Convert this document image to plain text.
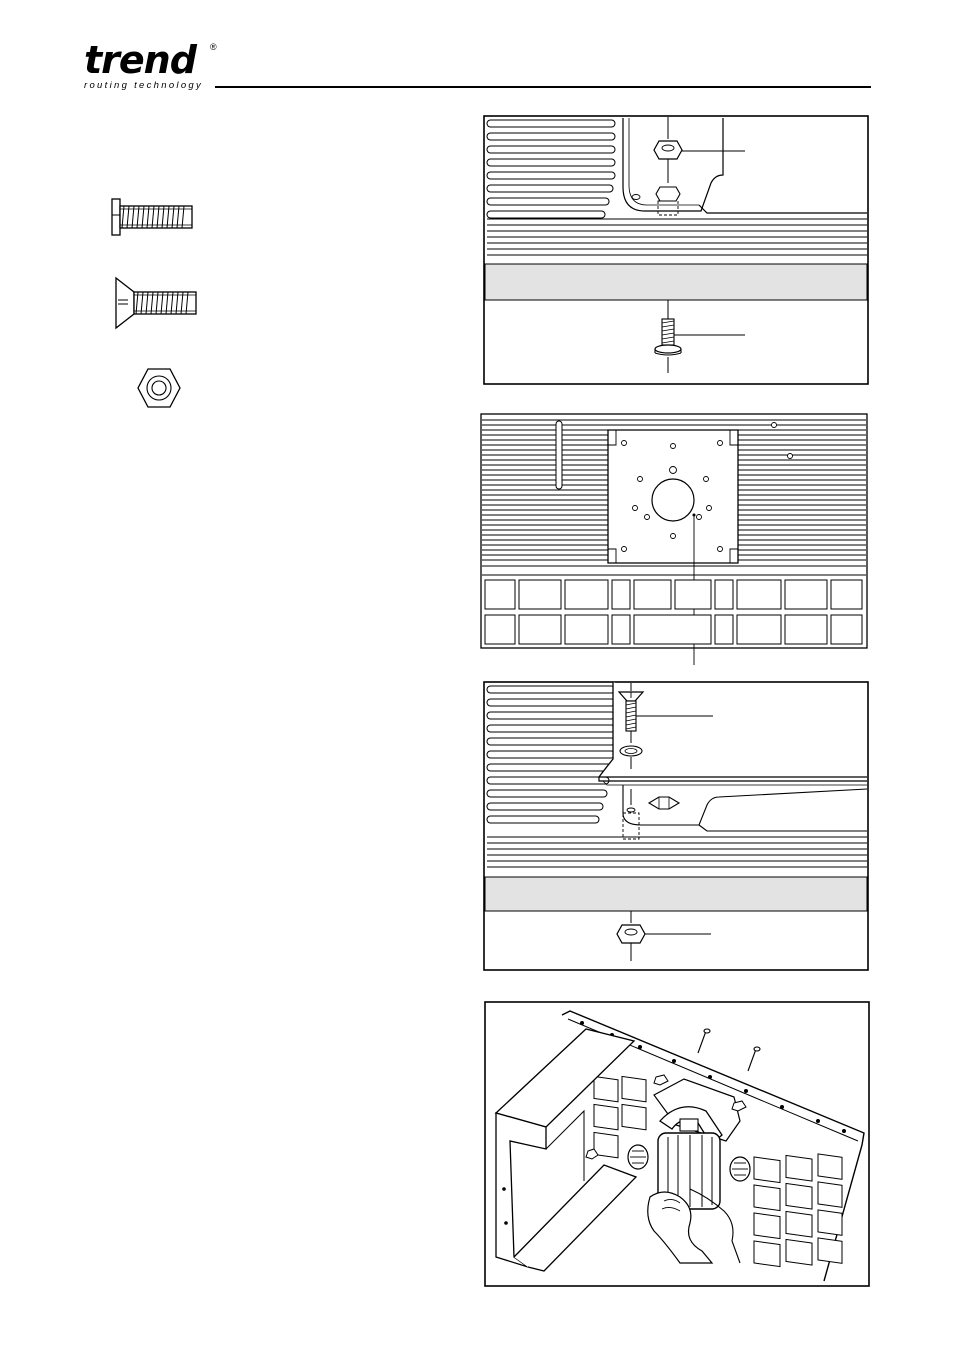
trend ®
routing technology
